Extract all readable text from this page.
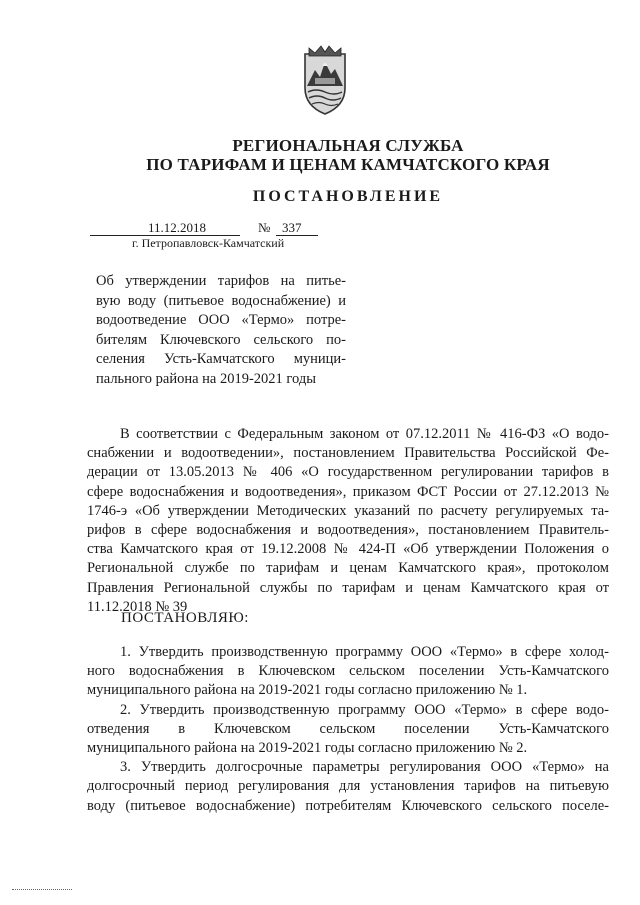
РЕГИОНАЛЬНАЯ СЛУЖБА
ПО ТАРИФАМ И ЦЕНАМ КАМЧАТСКОГО КРАЯ
ПОСТАНОВЛЕНИЕ
11.12.2018	№ 337
г. Петропавловск-Камчатский
Об утверждении тарифов на питье-
вую воду (питьевое водоснабжение) и
водоотведение ООО «Термо» потре-
бителям Ключевского сельского по-
селения Усть-Камчатского муници-
пального района на 2019-2021 годы
В соответствии с Федеральным законом от 07.12.2011 № 416-ФЗ «О водо-
снабжении и водоотведении», постановлением Правительства Российской Фе-
дерации от 13.05.2013 № 406 «О государственном регулировании тарифов в
сфере водоснабжения и водоотведения», приказом ФСТ России от 27.12.2013 №
1746-э «Об утверждении Методических указаний по расчету регулируемых та-
рифов в сфере водоснабжения и водоотведения», постановлением Правитель-
ства Камчатского края от 19.12.2008 № 424-П «Об утверждении Положения о
Региональной службе по тарифам и ценам Камчатского края», протоколом
Правления Региональной службы по тарифам и ценам Камчатского края от
11.12.2018 № 39
ПОСТАНОВЛЯЮ:
1. Утвердить производственную программу ООО «Термо» в сфере холод-
ного водоснабжения в Ключевском сельском поселении Усть-Камчатского
муниципального района на 2019-2021 годы согласно приложению № 1.
2. Утвердить производственную программу ООО «Термо» в сфере водо-
отведения в Ключевском сельском поселении Усть-Камчатского
муниципального района на 2019-2021 годы согласно приложению № 2.
3. Утвердить долгосрочные параметры регулирования ООО «Термо» на
долгосрочный период регулирования для установления тарифов на питьевую
воду (питьевое водоснабжение) потребителям Ключевского сельского поселе-
